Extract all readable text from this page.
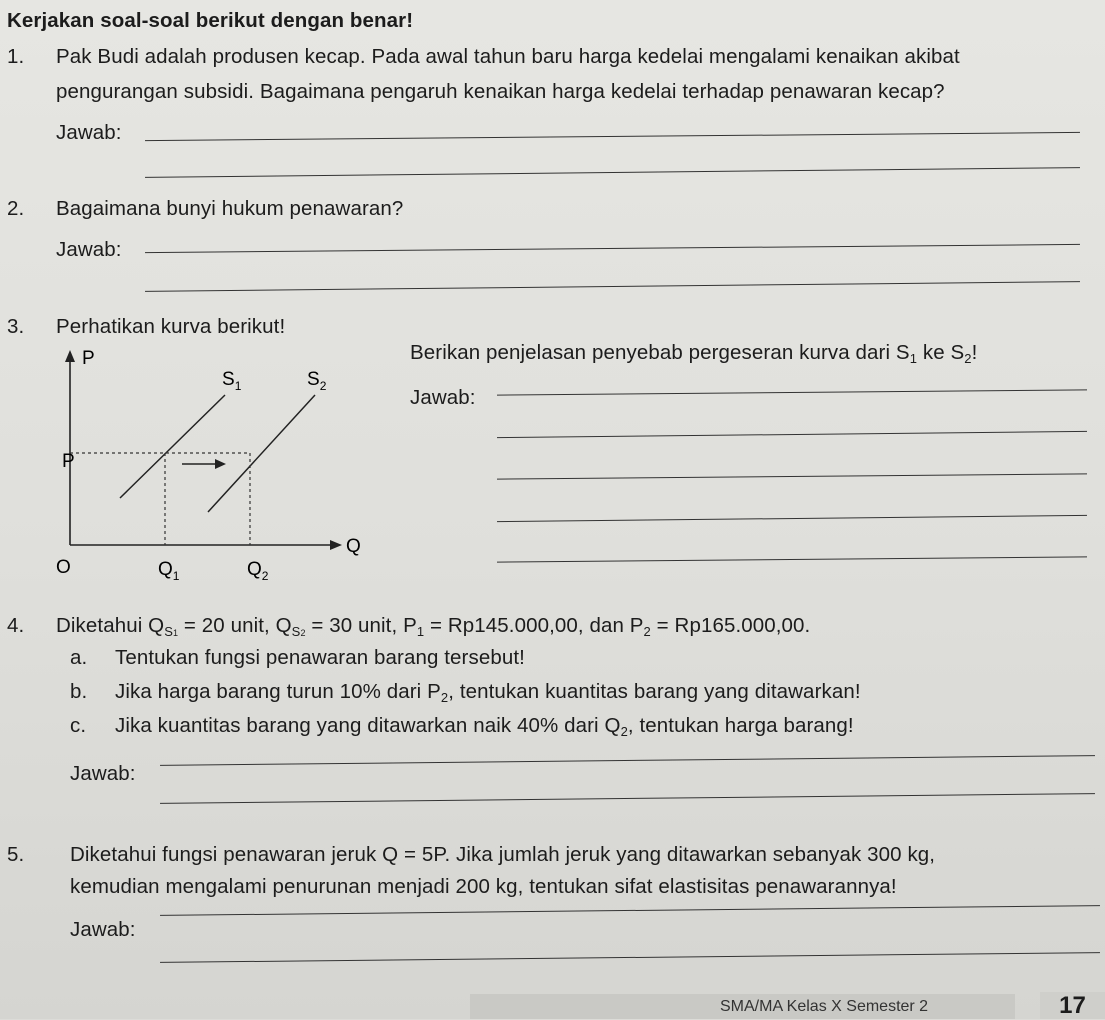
Kerjakan soal-soal berikut dengan benar!
1. Pak Budi adalah produsen kecap. Pada awal tahun baru harga kedelai mengalami kenaikan akibat
pengurangan subsidi. Bagaimana pengaruh kenaikan harga kedelai terhadap penawaran kecap?
Jawab:
2. Bagaimana bunyi hukum penawaran?
Jawab:
3. Perhatikan kurva berikut!
P
P
Q
O
$S_1$	$S_2$
$Q_1$	$Q_2$
Berikan penjelasan penyebab pergeseran kurva dari $S_1$ ke $S_2$!
Jawab:
4. Diketahui $Q_{S1} = 20$ unit, $Q_{S2} = 30$ unit, $P_1 = Rp145.000,00$, dan $P_2 = Rp165.000,00$.
a. Tentukan fungsi penawaran barang tersebut!
b. Jika harga barang turun 10% dari $P_2$, tentukan kuantitas barang yang ditawarkan!
c. Jika kuantitas barang yang ditawarkan naik 40% dari $Q_2$, tentukan harga barang!
Jawab:
5. Diketahui fungsi penawaran jeruk Q = 5P. Jika jumlah jeruk yang ditawarkan sebanyak 300 kg,
kemudian mengalami penurunan menjadi 200 kg, tentukan sifat elastisitas penawarannya!
Jawab:
SMA/MA Kelas X Semester 2	17
